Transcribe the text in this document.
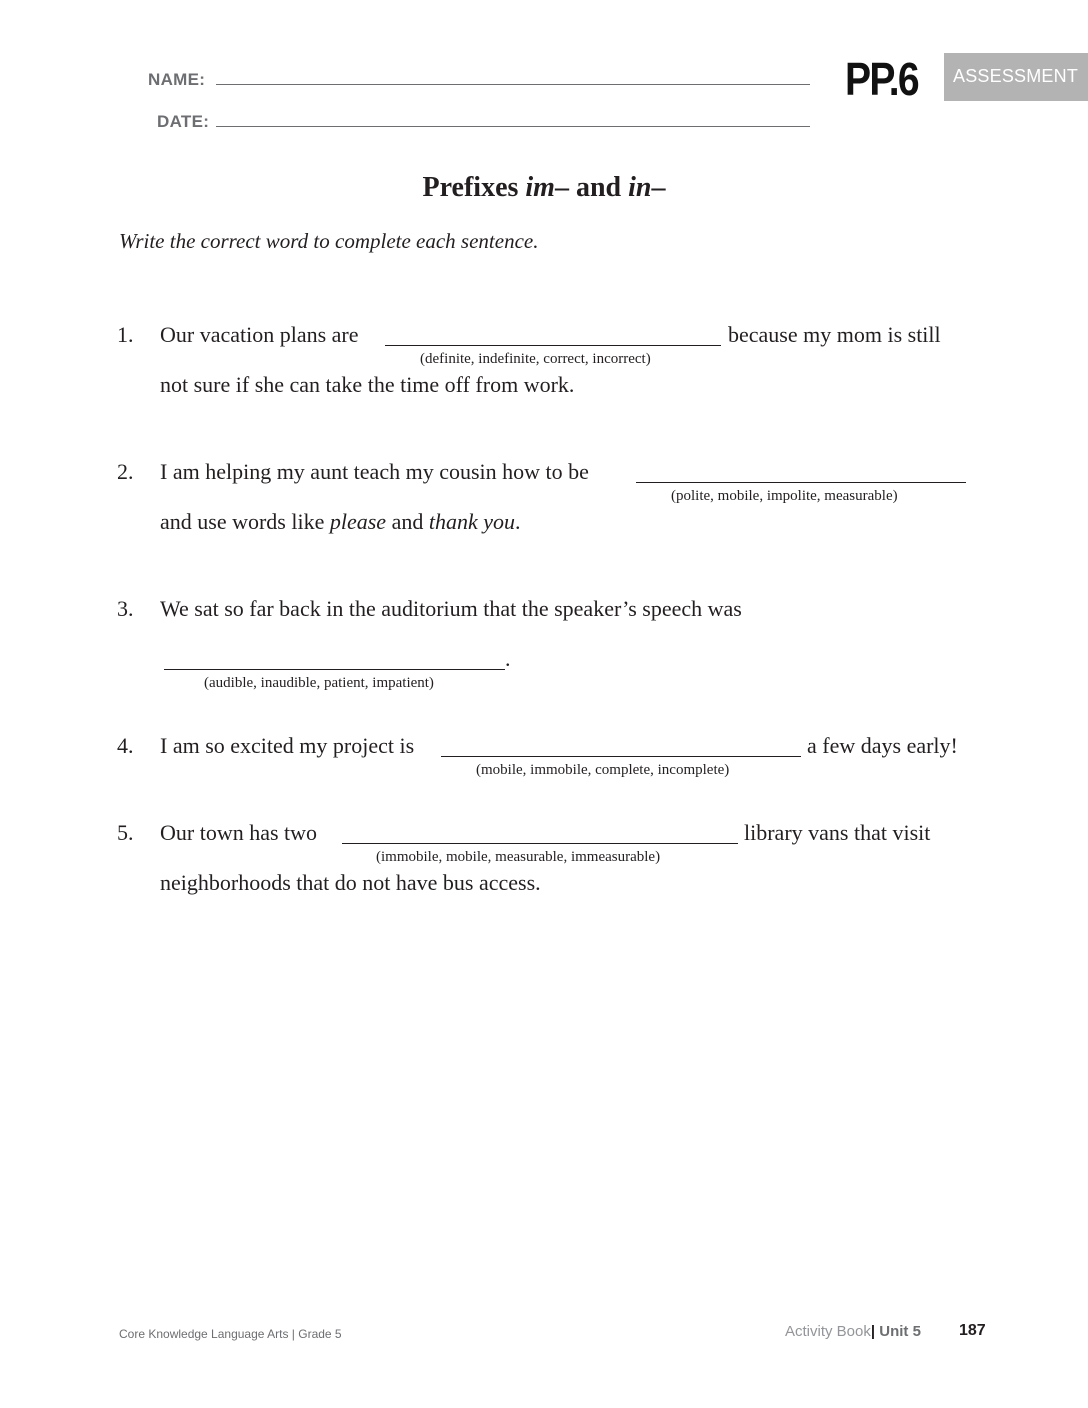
NAME:
DATE:
PP.6	ASSESSMENT
Prefixes im– and in–
Write the correct word to complete each sentence.
1. Our vacation plans are	because my mom is still
(definite, indefinite, correct, incorrect)
not sure if she can take the time off from work.
2. I am helping my aunt teach my cousin how to be
(polite, mobile, impolite, measurable)
and use words like please and thank you.
3. We sat so far back in the auditorium that the speaker’s speech was
.
(audible, inaudible, patient, impatient)
4. I am so excited my project is	a few days early!
(mobile, immobile, complete, incomplete)
5. Our town has two	library vans that visit
(immobile, mobile, measurable, immeasurable)
neighborhoods that do not have bus access.
Core Knowledge Language Arts | Grade 5	Activity Book| Unit 5 187
